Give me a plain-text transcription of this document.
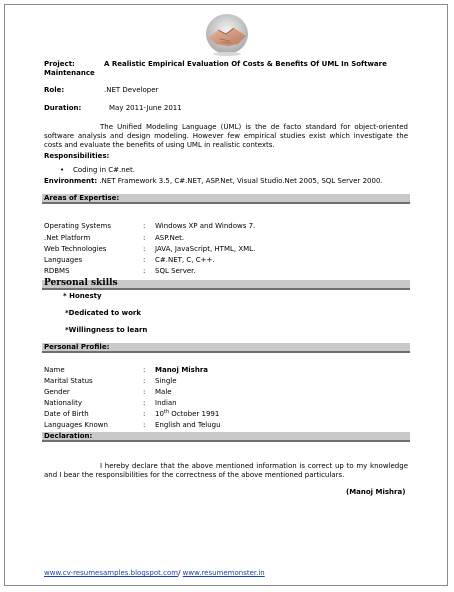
Project:	A Realistic Empirical Evaluation Of Costs & Benefits Of UML In Software
Maintenance
Role:	.NET Developer
Duration:	May 2011-June 2011
The Unified Modeling Language (UML) is the de facto standard for object-oriented software analysis and design modeling. However few empirical studies exist which investigate the costs and evaluate the benefits of using UML in realistic contexts.
Responsibilities:
• Coding in C#.net.
Environment: .NET Framework 3.5, C#.NET, ASP.Net, Visual Studio.Net 2005, SQL Server 2000.
Areas of Expertise:
Operating Systems	: Windows XP and Windows 7.
.Net Platform	: ASP.Net.
Web Technologies	: JAVA, JavaScript, HTML, XML.
Languages	: C#.NET, C, C++.
RDBMS	: SQL Server.
Personal skills
* Honesty
*Dedicated to work
*Willingness to learn
Personal Profile:
Name	: Manoj Mishra
Marital Status	: Single
Gender	: Male
Nationality	: Indian
Date of Birth	: 10th October 1991
Languages Known	: English and Telugu
Declaration:
I hereby declare that the above mentioned information is correct up to my knowledge and I bear the responsibilities for the correctness of the above mentioned particulars.
(Manoj Mishra)
www.cv-resumesamples.blogspot.com/ www.resumemonster.in
